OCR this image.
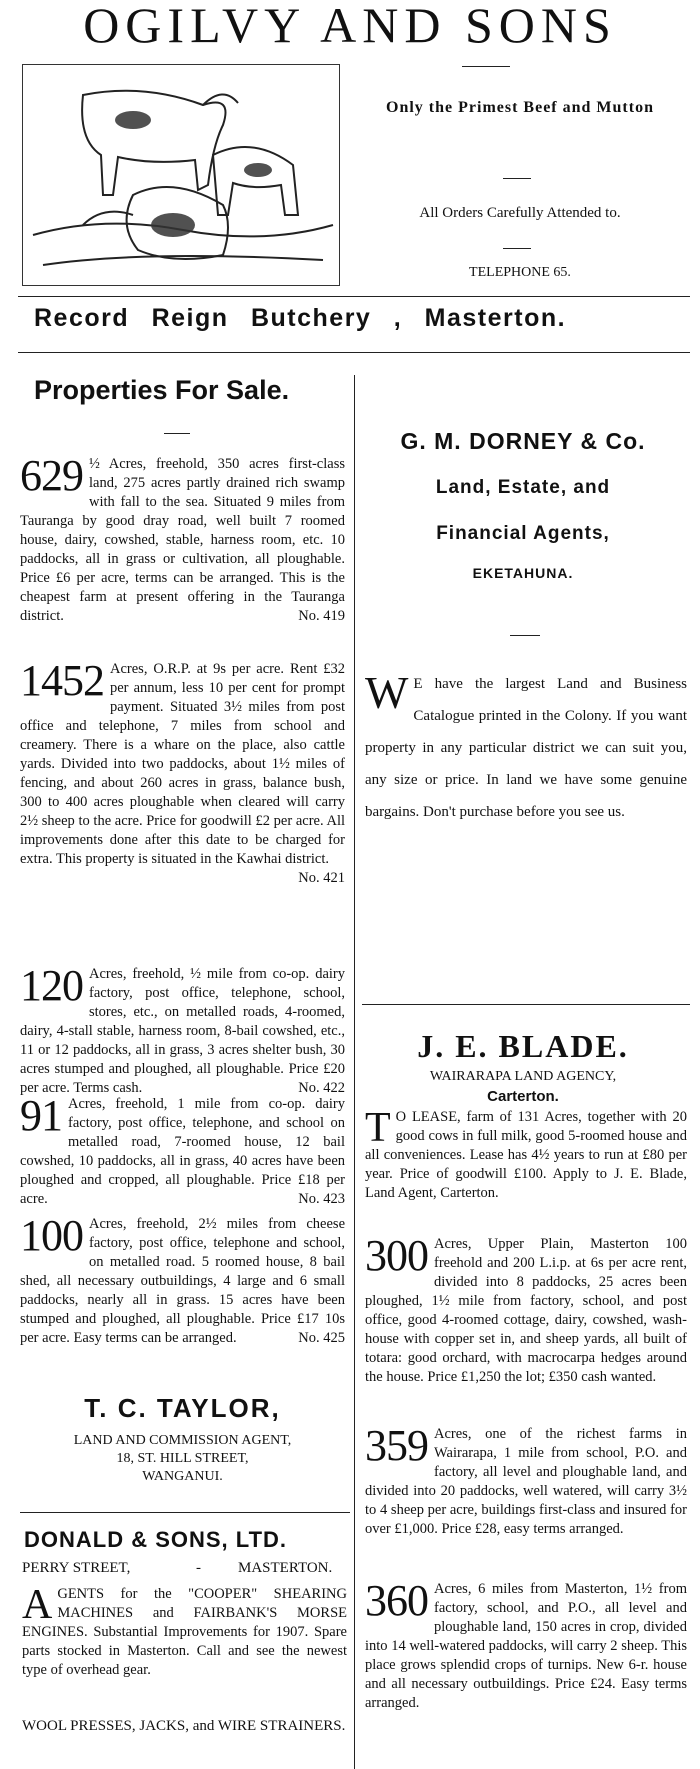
OGILVY AND SONS
Only the Primest Beef and Mutton
All Orders Carefully Attended to.
TELEPHONE 65.
Record Reign Butchery , Masterton.
Properties For Sale.
629 ½ Acres, freehold, 350 acres first-class land, 275 acres partly drained rich swamp with fall to the sea. Situated 9 miles from Tauranga by good dray road, well built 7 roomed house, dairy, cowshed, stable, harness room, etc. 10 paddocks, all in grass or cultivation, all ploughable. Price £6 per acre, terms can be arranged. This is the cheapest farm at present offering in the Tauranga district.	No. 419
1452 Acres, O.R.P. at 9s per acre. Rent £32 per annum, less 10 per cent for prompt payment. Situated 3½ miles from post office and telephone, 7 miles from school and creamery. There is a whare on the place, also cattle yards. Divided into two paddocks, about 1½ miles of fencing, and about 260 acres in grass, balance bush, 300 to 400 acres ploughable when cleared will carry 2½ sheep to the acre. Price for goodwill £2 per acre. All improvements done after this date to be charged for extra. This property is situated in the Kawhai district.
No. 421
120 Acres, freehold, ½ mile from co-op. dairy factory, post office, telephone, school, stores, etc., on metalled roads, 4-roomed, dairy, 4-stall stable, harness room, 8-bail cowshed, etc., 11 or 12 paddocks, all in grass, 3 acres shelter bush, 30 acres stumped and ploughed, all ploughable. Price £20 per acre. Terms cash.	No. 422
91 Acres, freehold, 1 mile from co-op. dairy factory, post office, telephone, and school on metalled road, 7-roomed house, 12 bail cowshed, 10 paddocks, all in grass, 40 acres have been ploughed and cropped, all ploughable. Price £18 per acre.	No. 423
100 Acres, freehold, 2½ miles from cheese factory, post office, telephone and school, on metalled road. 5 roomed house, 8 bail shed, all necessary outbuildings, 4 large and 6 small paddocks, nearly all in grass. 15 acres have been stumped and ploughed, all ploughable. Price £17 10s per acre. Easy terms can be arranged.	No. 425
T. C. TAYLOR,
LAND AND COMMISSION AGENT,
18, ST. HILL STREET,
WANGANUI.
DONALD & SONS, LTD.
PERRY STREET,	- MASTERTON.
A GENTS for the "COOPER" SHEARING MACHINES and FAIRBANK'S MORSE ENGINES. Substantial Improvements for 1907. Spare parts stocked in Masterton. Call and see the newest type of overhead gear.
WOOL PRESSES, JACKS, and WIRE STRAINERS.
G. M. DORNEY & Co.
Land, Estate, and
Financial Agents,
EKETAHUNA.
W E have the largest Land and Business Catalogue printed in the Colony. If you want property in any particular district we can suit you, any size or price. In land we have some genuine bargains. Don't purchase before you see us.
J. E. BLADE.
WAIRARAPA LAND AGENCY,
Carterton.
T O LEASE, farm of 131 Acres, together with 20 good cows in full milk, good 5-roomed house and all conveniences. Lease has 4½ years to run at £80 per year. Price of goodwill £100. Apply to J. E. Blade, Land Agent, Carterton.
300 Acres, Upper Plain, Masterton 100 freehold and 200 L.i.p. at 6s per acre rent, divided into 8 paddocks, 25 acres been ploughed, 1½ mile from factory, school, and post office, good 4-roomed cottage, dairy, cowshed, wash-house with copper set in, and sheep yards, all built of totara: good orchard, with macrocarpa hedges around the house. Price £1,250 the lot; £350 cash wanted.
359 Acres, one of the richest farms in Wairarapa, 1 mile from school, P.O. and factory, all level and ploughable land, and divided into 20 paddocks, well watered, will carry 3½ to 4 sheep per acre, buildings first-class and insured for over £1,000. Price £28, easy terms arranged.
360 Acres, 6 miles from Masterton, 1½ from factory, school, and P.O., all level and ploughable land, 150 acres in crop, divided into 14 well-watered paddocks, will carry 2 sheep. This place grows splendid crops of turnips. New 6-r. house and all necessary outbuildings. Price £24. Easy terms arranged.
